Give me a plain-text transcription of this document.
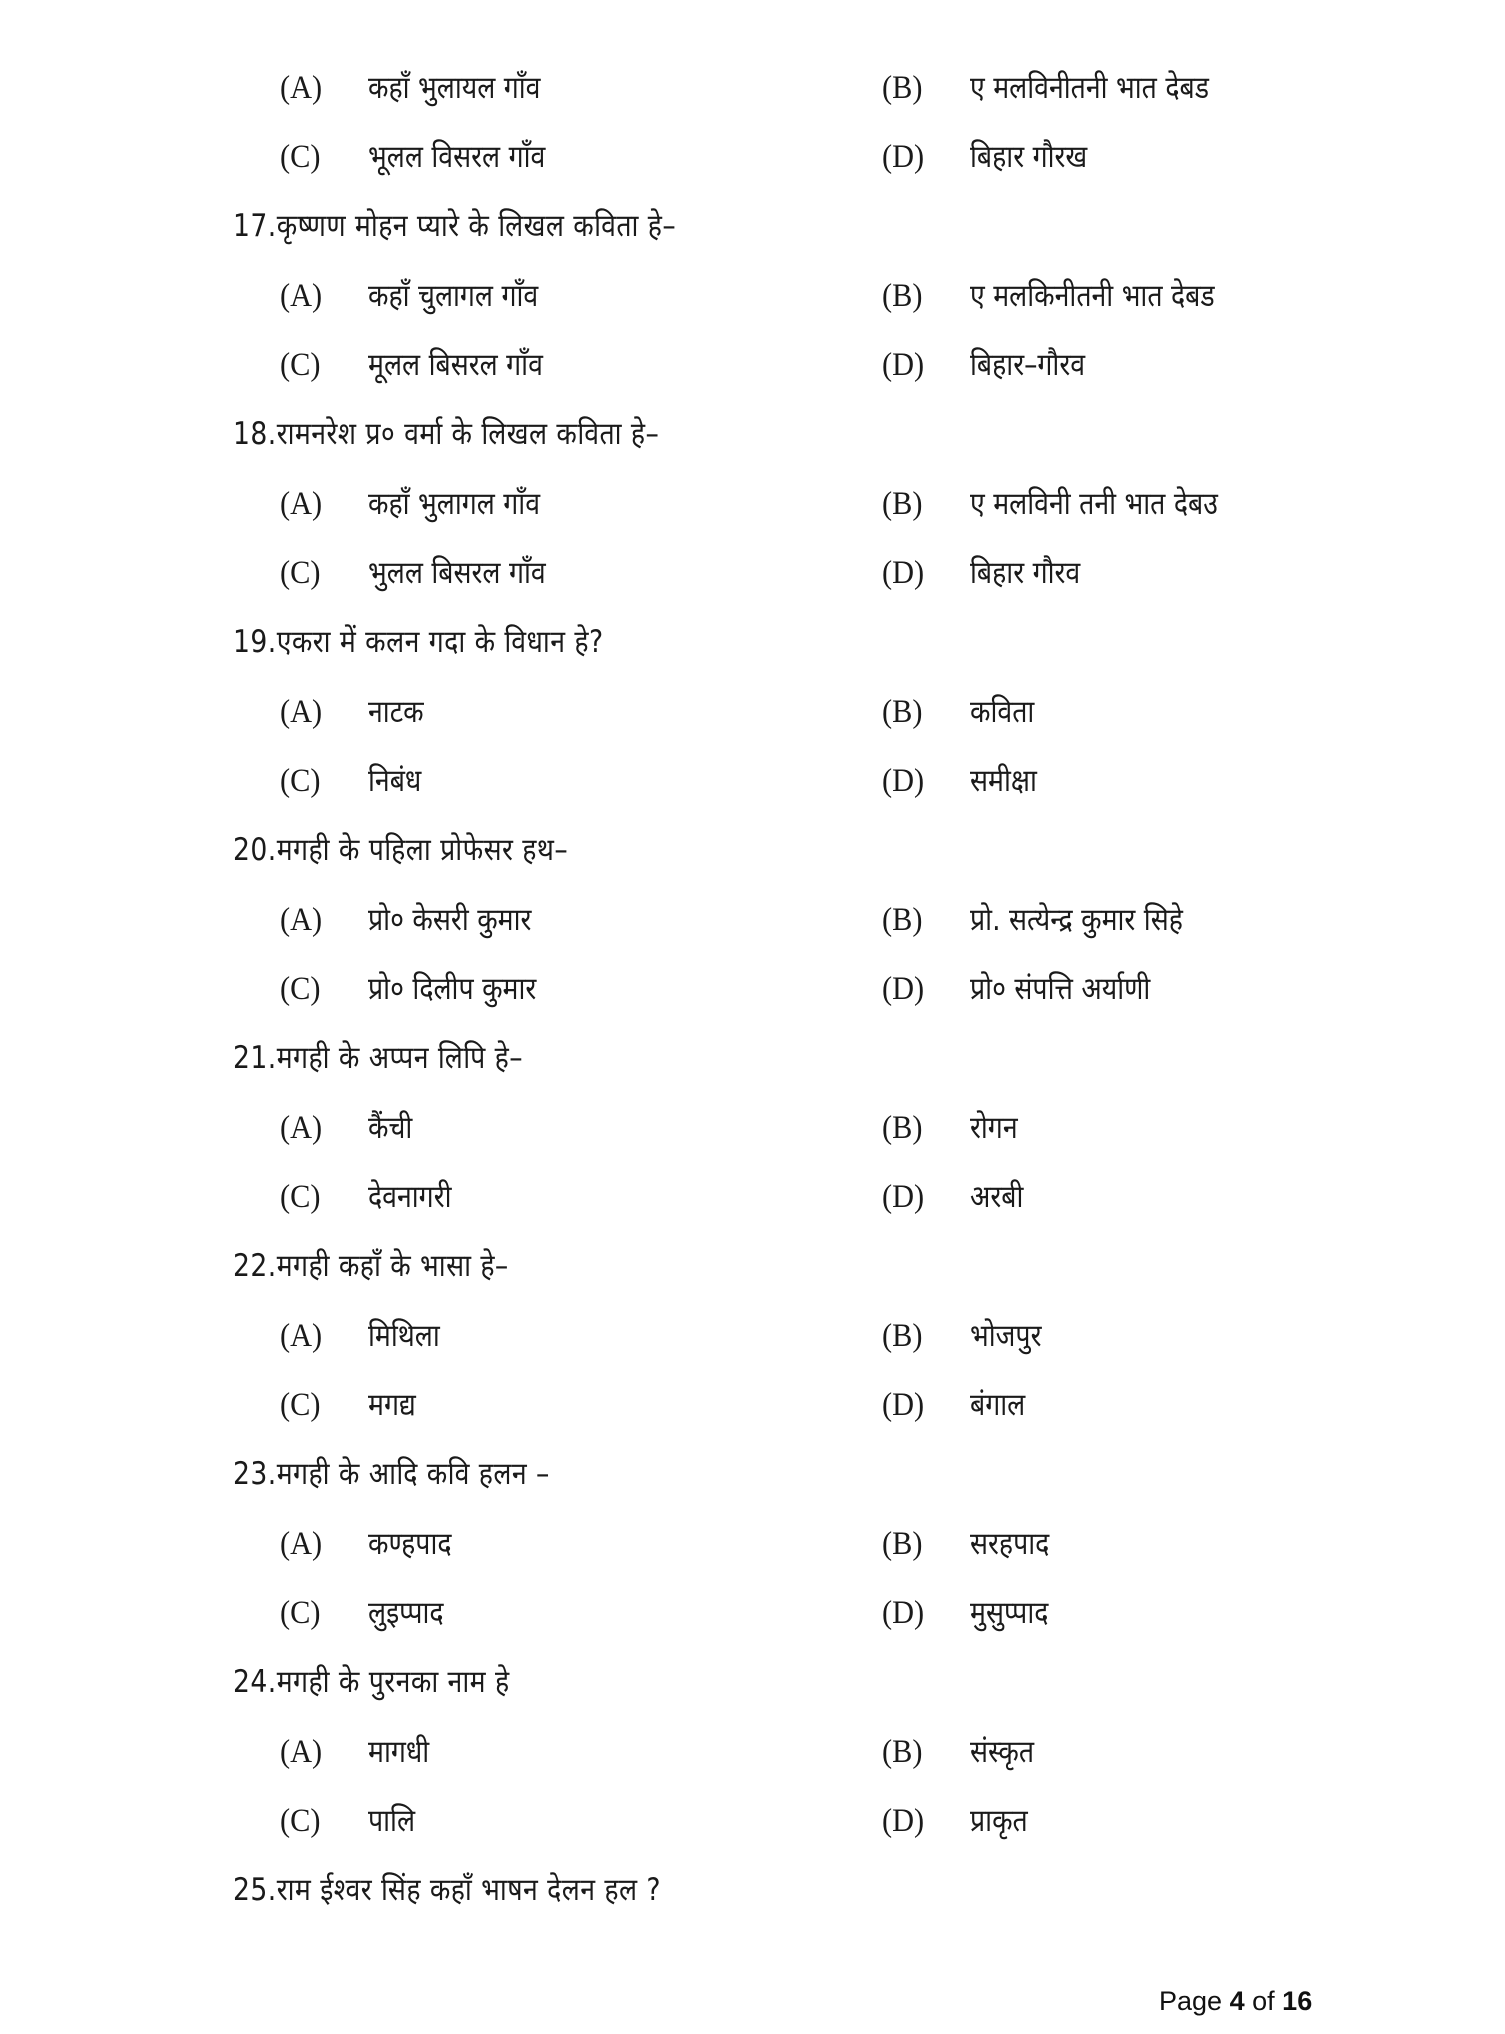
(A) कहाँ भुलायल गाँव	(B) ए मलविनीतनी भात देबड
(C) भूलल विसरल गाँव	(D) बिहार गौरख
17.कृष्णण मोहन प्यारे के लिखल कविता हे–
(A) कहाँ चुलागल गाँव	(B) ए मलकिनीतनी भात देबड
(C) मूलल बिसरल गाँव	(D) बिहार–गौरव
18.रामनरेश प्र० वर्मा के लिखल कविता हे–
(A) कहाँ भुलागल गाँव	(B) ए मलविनी तनी भात देबउ
(C) भुलल बिसरल गाँव	(D) बिहार गौरव
19.एकरा में कलन गदा के विधान हे?
(A) नाटक	(B) कविता
(C) निबंध	(D) समीक्षा
20.मगही के पहिला प्रोफेसर हथ–
(A) प्रो० केसरी कुमार	(B) प्रो. सत्येन्द्र कुमार सिहे
(C) प्रो० दिलीप कुमार	(D) प्रो० संपत्ति अर्याणी
21.मगही के अप्पन लिपि हे–
(A) कैंची	(B) रोगन
(C) देवनागरी	(D) अरबी
22.मगही कहाँ के भासा हे–
(A) मिथिला	(B) भोजपुर
(C) मगद्य	(D) बंगाल
23.मगही के आदि कवि हलन –
(A) कण्हपाद	(B) सरहपाद
(C) लुइप्पाद	(D) मुसुप्पाद
24.मगही के पुरनका नाम हे
(A) मागधी	(B) संस्कृत
(C) पालि	(D) प्राकृत
25.राम ईश्वर सिंह कहाँ भाषन देलन हल ?
Page 4 of 16
